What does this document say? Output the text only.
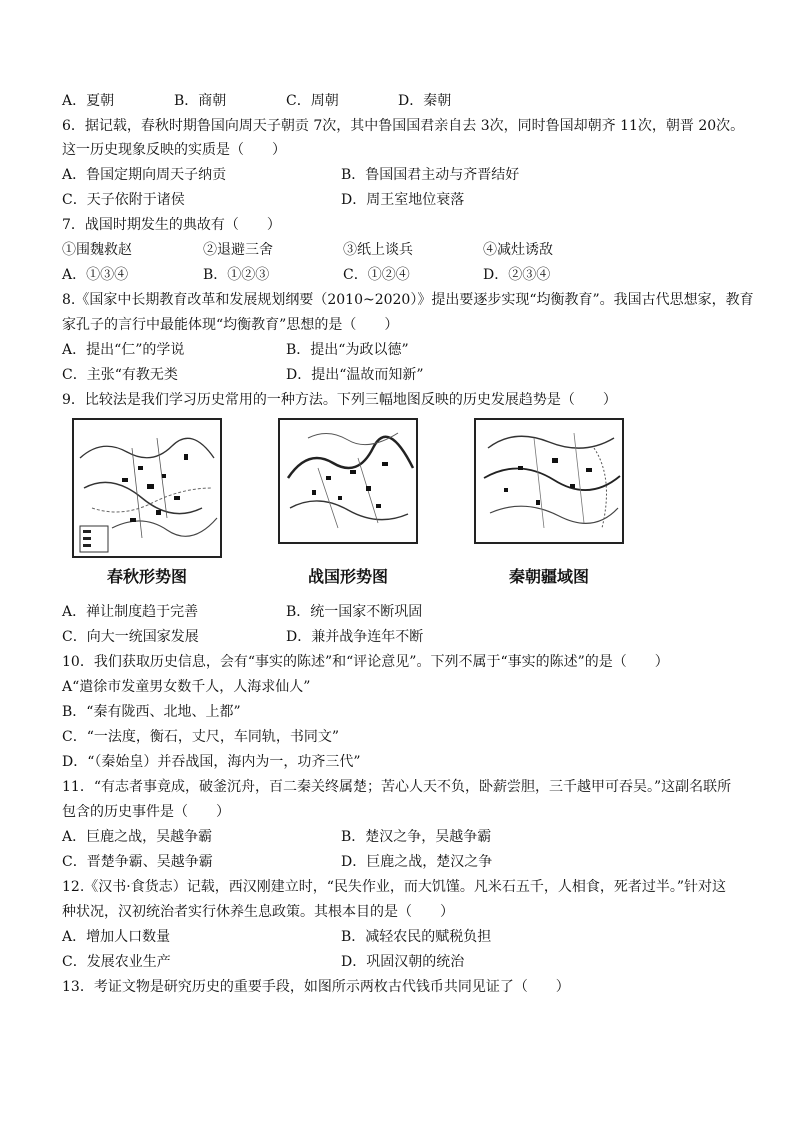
A．夏朝	B．商朝	C．周朝	D．秦朝
6．据记载，春秋时期鲁国向周天子朝贡 7次，其中鲁国国君亲自去 3次，同时鲁国却朝齐 11次，朝晋 20次。
这一历史现象反映的实质是（　　）
A．鲁国定期向周天子纳贡	B．鲁国国君主动与齐晋结好
C．天子依附于诸侯	D．周王室地位衰落
7．战国时期发生的典故有（　　）
①围魏救赵	②退避三舍	③纸上谈兵	④减灶诱敌
A．①③④	B．①②③	C．①②④	D．②③④
8.《国家中长期教育改革和发展规划纲要（2010~2020）》提出要逐步实现“均衡教育”。我国古代思想家，教育
家孔子的言行中最能体现“均衡教育”思想的是（　　）
A．提出“仁”的学说	B．提出“为政以德”
C．主张“有教无类	D．提出“温故而知新”
9．比较法是我们学习历史常用的一种方法。下列三幅地图反映的历史发展趋势是（　　）
春秋形势图	战国形势图	秦朝疆域图
A．禅让制度趋于完善	B．统一国家不断巩固
C．向大一统国家发展	D．兼并战争连年不断
10．我们获取历史信息，会有“事实的陈述”和“评论意见”。下列不属于“事实的陈述”的是（　　）
A“遣徐市发童男女数千人，人海求仙人”
B．“秦有陇西、北地、上都”
C．“一法度，衡石，丈尺，车同轨，书同文”
D．“（秦始皇）并吞战国，海内为一，功齐三代”
11．“有志者事竟成，破釜沉舟，百二秦关终属楚；苦心人天不负，卧薪尝胆，三千越甲可吞吴。”这副名联所
包含的历史事件是（　　）
A．巨鹿之战，吴越争霸	B．楚汉之争，吴越争霸
C．晋楚争霸、吴越争霸	D．巨鹿之战，楚汉之争
12.《汉书·食货志）记载，西汉刚建立时，“民失作业，而大饥馑。凡米石五千，人相食，死者过半。”针对这
种状况，汉初统治者实行休养生息政策。其根本目的是（　　）
A．增加人口数量	B．减轻农民的赋税负担
C．发展农业生产	D．巩固汉朝的统治
13．考证文物是研究历史的重要手段，如图所示两枚古代钱币共同见证了（　　）
